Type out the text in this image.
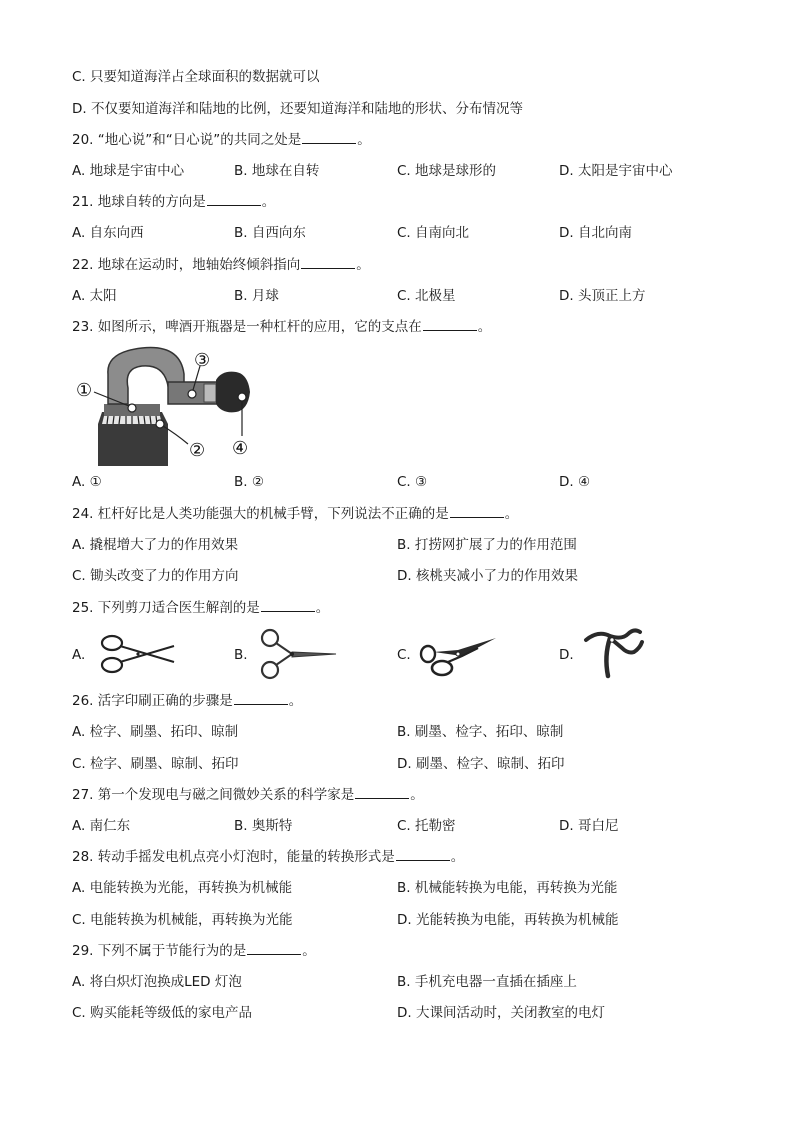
C. 只要知道海洋占全球面积的数据就可以
D. 不仅要知道海洋和陆地的比例，还要知道海洋和陆地的形状、分布情况等
20. “地心说”和“日心说”的共同之处是	。
A. 地球是宇宙中心	B. 地球在自转	C. 地球是球形的	D. 太阳是宇宙中心
21. 地球自转的方向是	。
A. 自东向西	B. 自西向东	C. 自南向北	D. 自北向南
22. 地球在运动时，地轴始终倾斜指向	。
A. 太阳	B. 月球	C. 北极星	D. 头顶正上方
23. 如图所示，啤酒开瓶器是一种杠杆的应用，它的支点在	。
①
②
③
④
A. ①	B. ②	C. ③	D. ④
24. 杠杆好比是人类功能强大的机械手臂，下列说法不正确的是	。
A. 撬棍增大了力的作用效果	B. 打捞网扩展了力的作用范围
C. 锄头改变了力的作用方向	D. 核桃夹减小了力的作用效果
25. 下列剪刀适合医生解剖的是	。
A.	B.	C.	D.
26. 活字印刷正确的步骤是	。
A. 检字、刷墨、拓印、晾制	B. 刷墨、检字、拓印、晾制
C. 检字、刷墨、晾制、拓印	D. 刷墨、检字、晾制、拓印
27. 第一个发现电与磁之间微妙关系的科学家是	。
A. 南仁东	B. 奥斯特	C. 托勒密	D. 哥白尼
28. 转动手摇发电机点亮小灯泡时，能量的转换形式是	。
A. 电能转换为光能，再转换为机械能	B. 机械能转换为电能，再转换为光能
C. 电能转换为机械能，再转换为光能	D. 光能转换为电能，再转换为机械能
29. 下列不属于节能行为的是	。
A. 将白炽灯泡换成LED 灯泡	B. 手机充电器一直插在插座上
C. 购买能耗等级低的家电产品	D. 大课间活动时，关闭教室的电灯
